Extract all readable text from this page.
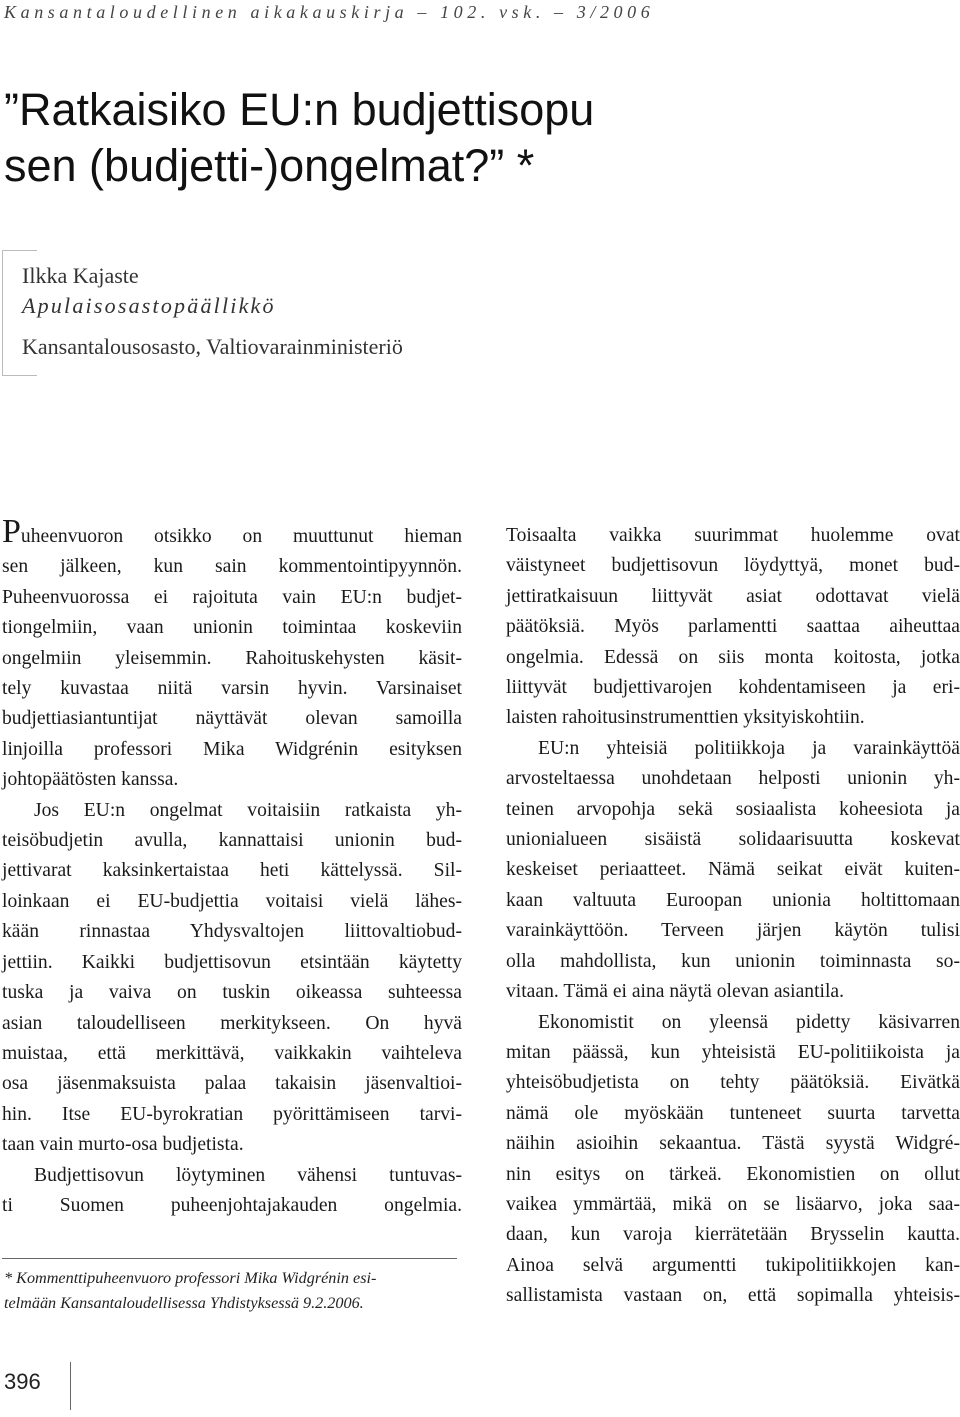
Kansantaloudellinen aikakauskirja – 102. vsk. – 3/2006
”Ratkaisiko EU:n budjettisopu
sen (budjetti-)ongelmat?” *
Ilkka Kajaste
Apulaisosastopäällikkö
Kansantalousosasto, Valtiovarainministeriö
Puheenvuoron otsikko on muuttunut hieman
sen jälkeen, kun sain kommentointipyynnön.
Puheenvuorossa ei rajoituta vain EU:n budjet-
tiongelmiin, vaan unionin toimintaa koskeviin
ongelmiin yleisemmin. Rahoituskehysten käsit-
tely kuvastaa niitä varsin hyvin. Varsinaiset
budjettiasiantuntijat näyttävät olevan samoilla
linjoilla professori Mika Widgrénin esityksen
johtopäätösten kanssa.
Jos EU:n ongelmat voitaisiin ratkaista yh-
teisöbudjetin avulla, kannattaisi unionin bud-
jettivarat kaksinkertaistaa heti kättelyssä. Sil-
loinkaan ei EU-budjettia voitaisi vielä lähes-
kään rinnastaa Yhdysvaltojen liittovaltiobud-
jettiin. Kaikki budjettisovun etsintään käytetty
tuska ja vaiva on tuskin oikeassa suhteessa
asian taloudelliseen merkitykseen. On hyvä
muistaa, että merkittävä, vaikkakin vaihteleva
osa jäsenmaksuista palaa takaisin jäsenvaltioi-
hin. Itse EU-byrokratian pyörittämiseen tarvi-
taan vain murto-osa budjetista.
Budjettisovun löytyminen vähensi tuntuvas-
ti Suomen puheenjohtajakauden ongelmia.
Toisaalta vaikka suurimmat huolemme ovat
väistyneet budjettisovun löydyttyä, monet bud-
jettiratkaisuun liittyvät asiat odottavat vielä
päätöksiä. Myös parlamentti saattaa aiheuttaa
ongelmia. Edessä on siis monta koitosta, jotka
liittyvät budjettivarojen kohdentamiseen ja eri-
laisten rahoitusinstrumenttien yksityiskohtiin.
EU:n yhteisiä politiikkoja ja varainkäyttöä
arvosteltaessa unohdetaan helposti unionin yh-
teinen arvopohja sekä sosiaalista koheesiota ja
unionialueen sisäistä solidaarisuutta koskevat
keskeiset periaatteet. Nämä seikat eivät kuiten-
kaan valtuuta Euroopan unionia holtittomaan
varainkäyttöön. Terveen järjen käytön tulisi
olla mahdollista, kun unionin toiminnasta so-
vitaan. Tämä ei aina näytä olevan asiantila.
Ekonomistit on yleensä pidetty käsivarren
mitan päässä, kun yhteisistä EU-politiikoista ja
yhteisöbudjetista on tehty päätöksiä. Eivätkä
nämä ole myöskään tunteneet suurta tarvetta
näihin asioihin sekaantua. Tästä syystä Widgré-
nin esitys on tärkeä. Ekonomistien on ollut
vaikea ymmärtää, mikä on se lisäarvo, joka saa-
daan, kun varoja kierrätetään Brysselin kautta.
Ainoa selvä argumentti tukipolitiikkojen kan-
sallistamista vastaan on, että sopimalla yhteisis-
* Kommenttipuheenvuoro professori Mika Widgrénin esi-
telmään Kansantaloudellisessa Yhdistyksessä 9.2.2006.
396
